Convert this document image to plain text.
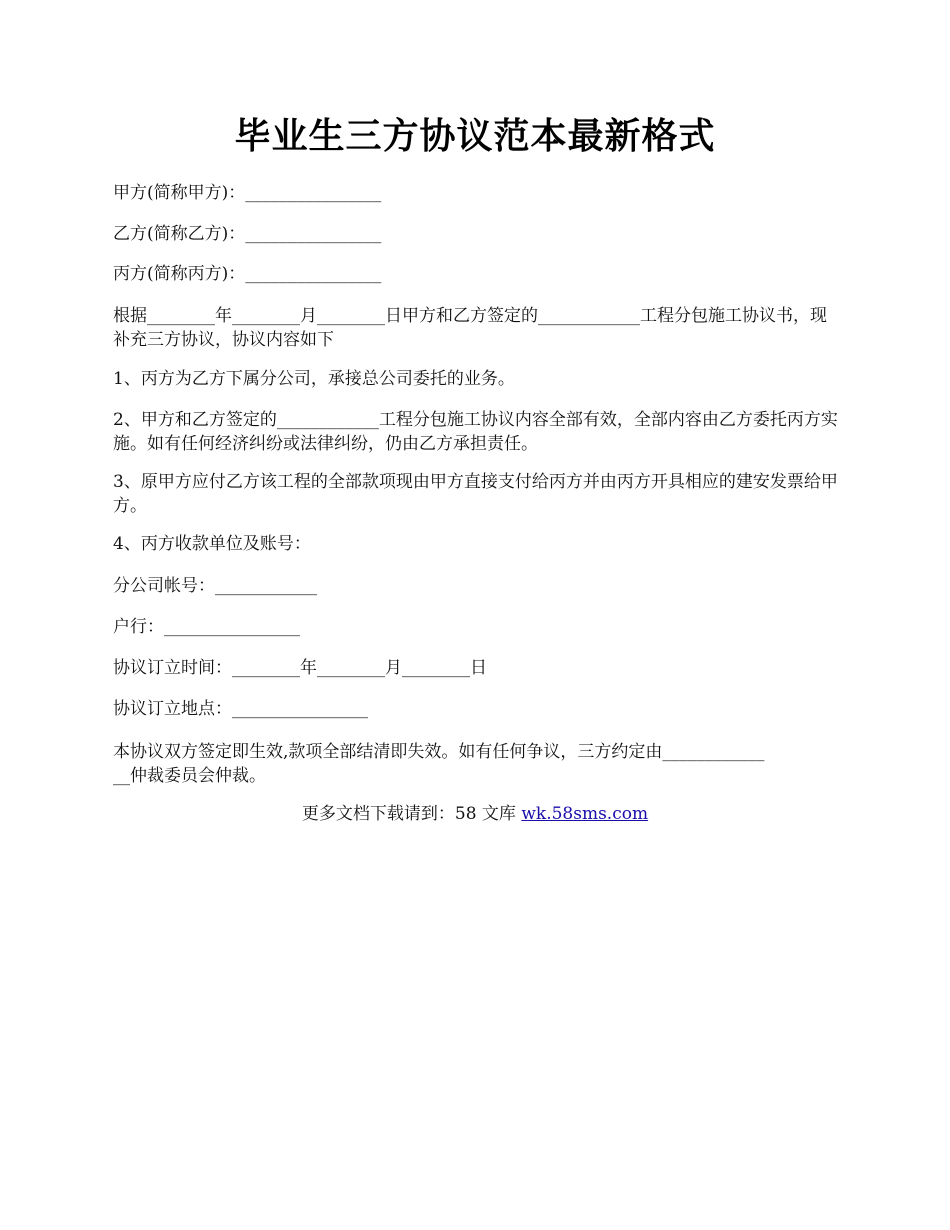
毕业生三方协议范本最新格式
甲方(简称甲方)：________________
乙方(简称乙方)：________________
丙方(简称丙方)：________________
根据________年________月________日甲方和乙方签定的____________工程分包施工协议书，现补充三方协议，协议内容如下
1、丙方为乙方下属分公司，承接总公司委托的业务。
2、甲方和乙方签定的____________工程分包施工协议内容全部有效，全部内容由乙方委托丙方实施。如有任何经济纠纷或法律纠纷，仍由乙方承担责任。
3、原甲方应付乙方该工程的全部款项现由甲方直接支付给丙方并由丙方开具相应的建安发票给甲方。
4、丙方收款单位及账号：
分公司帐号：____________
户行：________________
协议订立时间：________年________月________日
协议订立地点：________________
本协议双方签定即生效,款项全部结清即失效。如有任何争议，三方约定由____________
__仲裁委员会仲裁。
更多文档下载请到：58 文库 wk.58sms.com
